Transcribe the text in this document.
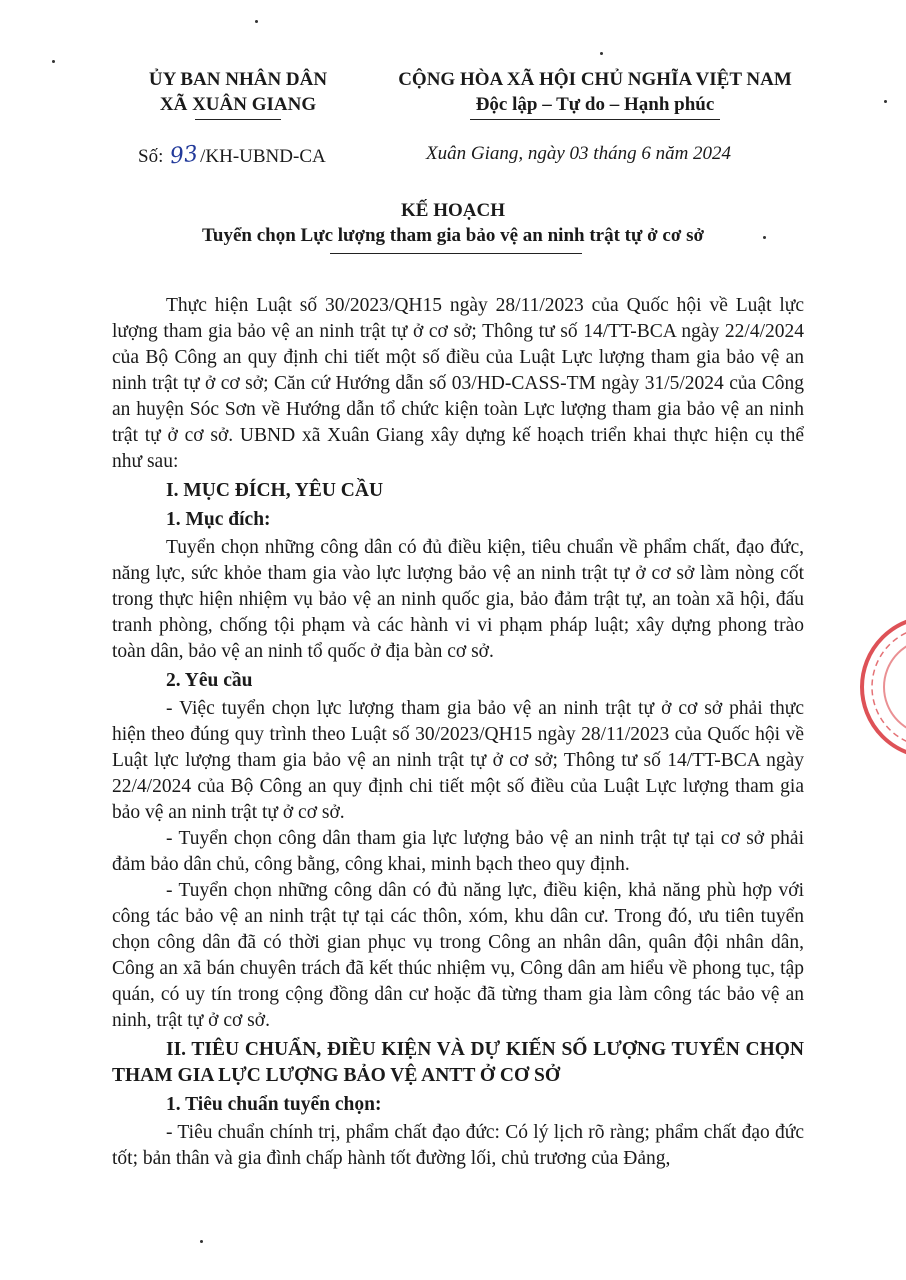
ỦY BAN NHÂN DÂN
XÃ XUÂN GIANG
CỘNG HÒA XÃ HỘI CHỦ NGHĨA VIỆT NAM
Độc lập – Tự do – Hạnh phúc
Số: 93/KH-UBND-CA	Xuân Giang, ngày 03 tháng 6 năm 2024
KẾ HOẠCH
Tuyển chọn Lực lượng tham gia bảo vệ an ninh trật tự ở cơ sở

Thực hiện Luật số 30/2023/QH15 ngày 28/11/2023 của Quốc hội về Luật lực lượng tham gia bảo vệ an ninh trật tự ở cơ sở; Thông tư số 14/TT-BCA ngày 22/4/2024 của Bộ Công an quy định chi tiết một số điều của Luật Lực lượng tham gia bảo vệ an ninh trật tự ở cơ sở; Căn cứ Hướng dẫn số 03/HD-CASS-TM ngày 31/5/2024 của Công an huyện Sóc Sơn về Hướng dẫn tổ chức kiện toàn Lực lượng tham gia bảo vệ an ninh trật tự ở cơ sở. UBND xã Xuân Giang xây dựng kế hoạch triển khai thực hiện cụ thể như sau:

I. MỤC ĐÍCH, YÊU CẦU
1. Mục đích:

Tuyển chọn những công dân có đủ điều kiện, tiêu chuẩn về phẩm chất, đạo đức, năng lực, sức khỏe tham gia vào lực lượng bảo vệ an ninh trật tự ở cơ sở làm nòng cốt trong thực hiện nhiệm vụ bảo vệ an ninh quốc gia, bảo đảm trật tự, an toàn xã hội, đấu tranh phòng, chống tội phạm và các hành vi vi phạm pháp luật; xây dựng phong trào toàn dân, bảo vệ an ninh tổ quốc ở địa bàn cơ sở.

2. Yêu cầu

- Việc tuyển chọn lực lượng tham gia bảo vệ an ninh trật tự ở cơ sở phải thực hiện theo đúng quy trình theo Luật số 30/2023/QH15 ngày 28/11/2023 của Quốc hội về Luật lực lượng tham gia bảo vệ an ninh trật tự ở cơ sở; Thông tư số 14/TT-BCA ngày 22/4/2024 của Bộ Công an quy định chi tiết một số điều của Luật Lực lượng tham gia bảo vệ an ninh trật tự ở cơ sở.

- Tuyển chọn công dân tham gia lực lượng bảo vệ an ninh trật tự tại cơ sở phải đảm bảo dân chủ, công bằng, công khai, minh bạch theo quy định.

- Tuyển chọn những công dân có đủ năng lực, điều kiện, khả năng phù hợp với công tác bảo vệ an ninh trật tự tại các thôn, xóm, khu dân cư. Trong đó, ưu tiên tuyển chọn công dân đã có thời gian phục vụ trong Công an nhân dân, quân đội nhân dân, Công an xã bán chuyên trách đã kết thúc nhiệm vụ, Công dân am hiểu về phong tục, tập quán, có uy tín trong cộng đồng dân cư hoặc đã từng tham gia làm công tác bảo vệ an ninh, trật tự ở cơ sở.

II. TIÊU CHUẨN, ĐIỀU KIỆN VÀ DỰ KIẾN SỐ LƯỢNG TUYỂN CHỌN THAM GIA LỰC LƯỢNG BẢO VỆ ANTT Ở CƠ SỞ
1. Tiêu chuẩn tuyển chọn:

- Tiêu chuẩn chính trị, phẩm chất đạo đức: Có lý lịch rõ ràng; phẩm chất đạo đức tốt; bản thân và gia đình chấp hành tốt đường lối, chủ trương của Đảng,
